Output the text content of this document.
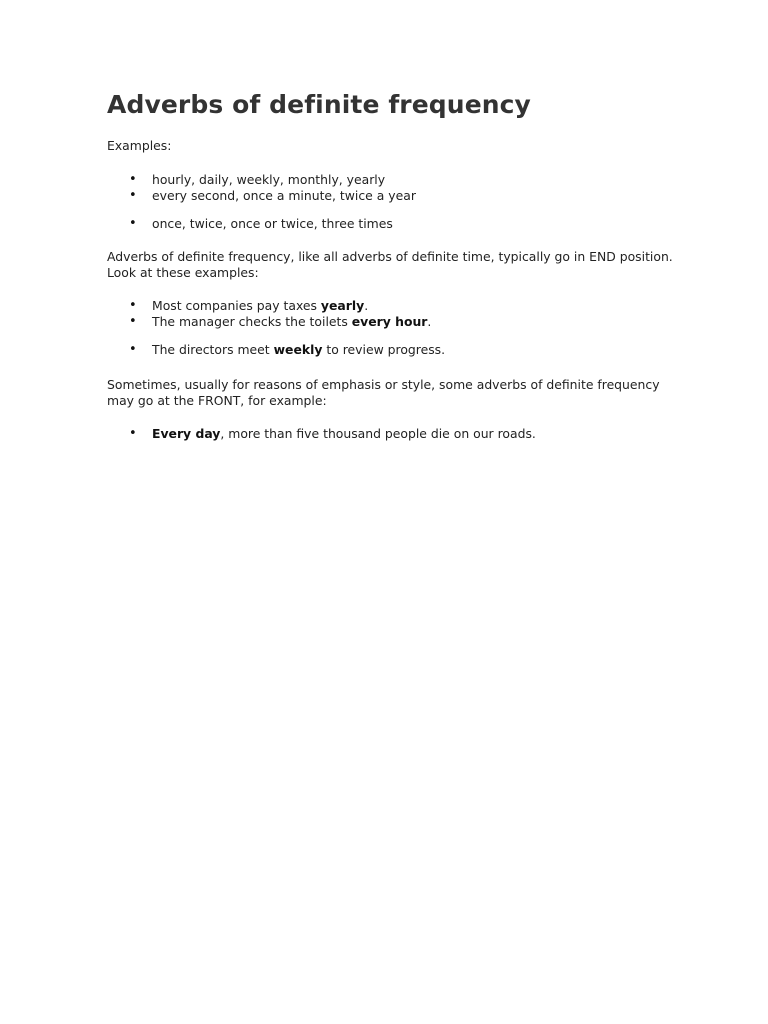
Adverbs of definite frequency

Examples:

• hourly, daily, weekly, monthly, yearly
• every second, once a minute, twice a year
• once, twice, once or twice, three times

Adverbs of definite frequency, like all adverbs of definite time, typically go in END position. Look at these examples:

• Most companies pay taxes yearly.
• The manager checks the toilets every hour.
• The directors meet weekly to review progress.

Sometimes, usually for reasons of emphasis or style, some adverbs of definite frequency may go at the FRONT, for example:

• Every day, more than five thousand people die on our roads.
